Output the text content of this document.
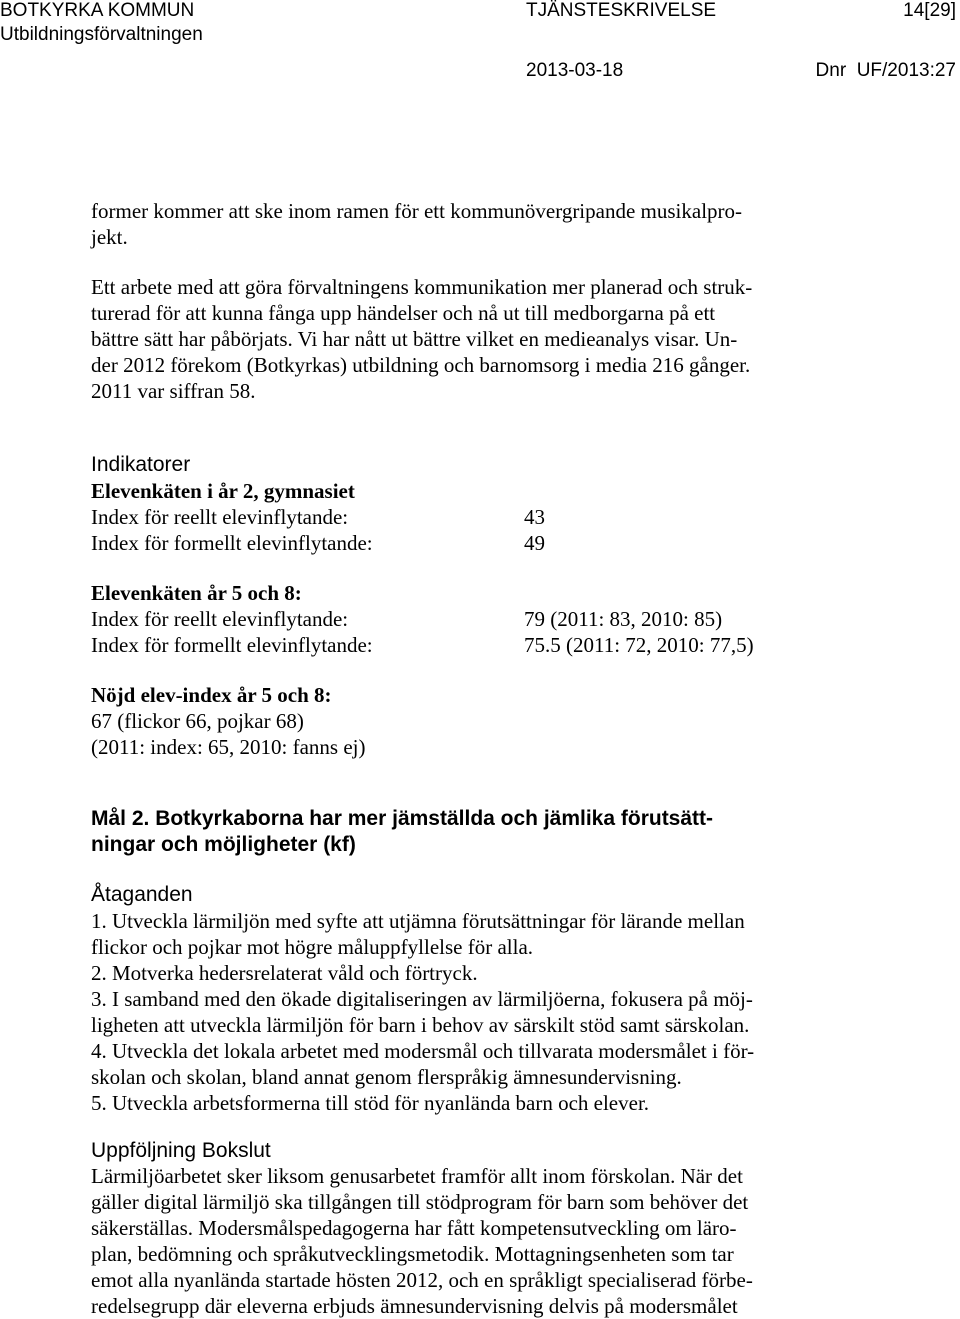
BOTKYRKA KOMMUN
Utbildningsförvaltningen
TJÄNSTESKRIVELSE	14[29]
2013-03-18	Dnr  UF/2013:27
former kommer att ske inom ramen för ett kommunövergripande musikalpro-
jekt.
Ett arbete med att göra förvaltningens kommunikation mer planerad och struk-
turerad för att kunna fånga upp händelser och nå ut till medborgarna på ett
bättre sätt har påbörjats. Vi har nått ut bättre vilket en medieanalys visar. Un-
der 2012 förekom (Botkyrkas) utbildning och barnomsorg i media 216 gånger.
2011 var siffran 58.
Indikatorer
Elevenkäten i år 2, gymnasiet
Index för reellt elevinflytande:	43
Index för formellt elevinflytande:	49
Elevenkäten år 5 och 8:
Index för reellt elevinflytande:	79 (2011: 83, 2010: 85)
Index för formellt elevinflytande:	75.5 (2011: 72, 2010: 77,5)
Nöjd elev-index år 5 och 8:
67 (flickor 66, pojkar 68)
(2011: index: 65, 2010: fanns ej)
Mål 2. Botkyrkaborna har mer jämställda och jämlika förutsätt-
ningar och möjligheter (kf)
Åtaganden
1. Utveckla lärmiljön med syfte att utjämna förutsättningar för lärande mellan
flickor och pojkar mot högre måluppfyllelse för alla.
2. Motverka hedersrelaterat våld och förtryck.
3. I samband med den ökade digitaliseringen av lärmiljöerna, fokusera på möj-
ligheten att utveckla lärmiljön för barn i behov av särskilt stöd samt särskolan.
4. Utveckla det lokala arbetet med modersmål och tillvarata modersmålet i för-
skolan och skolan, bland annat genom flerspråkig ämnesundervisning.
5. Utveckla arbetsformerna till stöd för nyanlända barn och elever.
Uppföljning Bokslut
Lärmiljöarbetet sker liksom genusarbetet framför allt inom förskolan. När det
gäller digital lärmiljö ska tillgången till stödprogram för barn som behöver det
säkerställas. Modersmålspedagogerna har fått kompetensutveckling om läro-
plan, bedömning och språkutvecklingsmetodik. Mottagningsenheten som tar
emot alla nyanlända startade hösten 2012, och en språkligt specialiserad förbe-
redelsegrupp där eleverna erbjuds ämnesundervisning delvis på modersmålet
